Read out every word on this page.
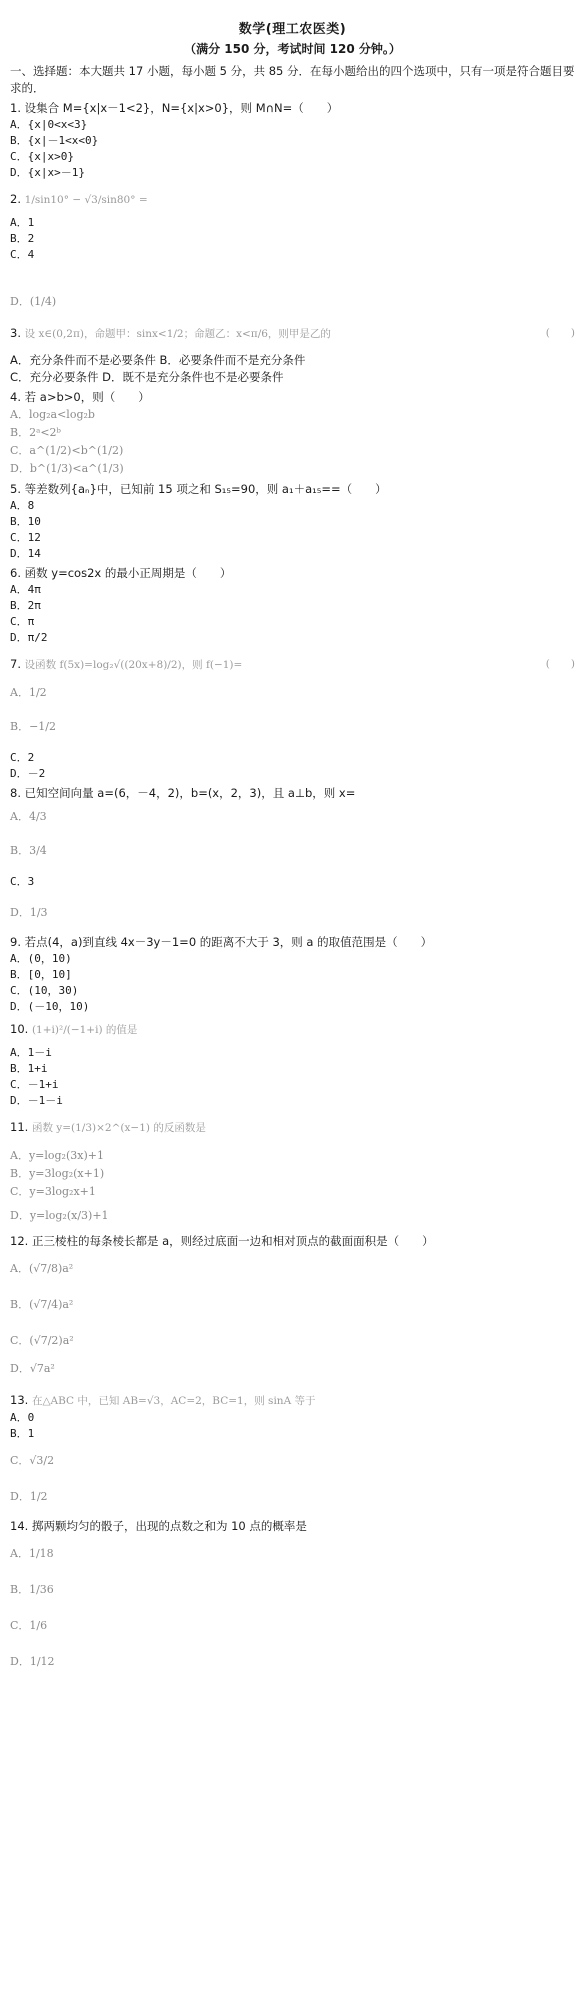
数学(理工农医类)
（满分 150 分，考试时间 120 分钟。）
一、选择题：本大题共 17 小题，每小题 5 分，共 85 分．在每小题给出的四个选项中，只有一项是符合题目要求的．
1. 设集合 M={x|x－1<2}，N={x|x>0}，则 M∩N=（　　）
A．{x|0<x<3}
B．{x|－1<x<0}
C．{x|x>0}
D．{x|x>－1}
2. 1/sin10° − √3/sin80° =
A．1
B．2
C．4
D．(1/4)
3. 设 x∈(0,2π)，命题甲：sinx<1/2；命题乙：x<π/6，则甲是乙的	(　　)
A．充分条件而不是必要条件 B．必要条件而不是充分条件
C．充分必要条件 D．既不是充分条件也不是必要条件
4. 若 a>b>0，则（　　）
A．log₂a<log₂b
B．2ᵃ<2ᵇ
C．a^(1/2)<b^(1/2)
D．b^(1/3)<a^(1/3)
5. 等差数列{aₙ}中，已知前 15 项之和 S₁₅=90，则 a₁＋a₁₅==（　　）
A．8
B．10
C．12
D．14
6. 函数 y=cos2x 的最小正周期是（　　）
A．4π
B．2π
C．π
D．π/2
7. 设函数 f(5x)=log₂√((20x+8)/2)，则 f(−1)=	(　　)
A．1/2
B．−1/2
C．2
D．－2
8. 已知空间向量 a=(6，－4，2)，b=(x，2，3)，且 a⊥b，则 x=
A．4/3
B．3/4
C．3
D．1/3
9. 若点(4，a)到直线 4x－3y－1=0 的距离不大于 3，则 a 的取值范围是（　　）
A．(0，10)
B．[0，10]
C．(10，30)
D．(－10，10)
10. (1+i)²/(−1+i) 的值是
A．1－i
B．1+i
C．－1+i
D．－1－i
11. 函数 y=(1/3)×2^(x−1) 的反函数是
A．y=log₂(3x)+1
B．y=3log₂(x+1)
C．y=3log₂x+1
D．y=log₂(x/3)+1
12. 正三棱柱的每条棱长都是 a，则经过底面一边和相对顶点的截面面积是（　　）
A．(√7/8)a²
B．(√7/4)a²
C．(√7/2)a²
D．√7a²
13. 在△ABC 中，已知 AB=√3，AC=2，BC=1，则 sinA 等于
A．0
B．1
C．√3/2
D．1/2
14. 掷两颗均匀的骰子，出现的点数之和为 10 点的概率是
A．1/18
B．1/36
C．1/6
D．1/12
